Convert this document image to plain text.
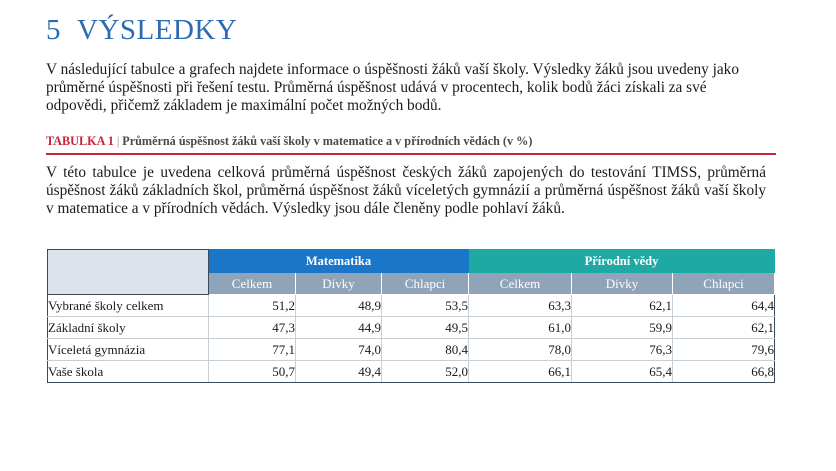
5 VÝSLEDKY
V následující tabulce a grafech najdete informace o úspěšnosti žáků vaší školy. Výsledky žáků jsou uvedeny jako průměrné úspěšnosti při řešení testu. Průměrná úspěšnost udává v procentech, kolik bodů žáci získali za své odpovědi, přičemž základem je maximální počet možných bodů.
TABULKA 1 | Průměrná úspěšnost žáků vaší školy v matematice a v přírodních vědách (v %)
V této tabulce je uvedena celková průměrná úspěšnost českých žáků zapojených do testování TIMSS, průměrná úspěšnost žáků základních škol, průměrná úspěšnost žáků víceletých gymnázií a průměrná úspěšnost žáků vaší školy v matematice a v přírodních vědách. Výsledky jsou dále členěny podle pohlaví žáků.
	Matematika			Přírodní vědy		
	Celkem	Dívky	Chlapci	Celkem	Dívky	Chlapci
Vybrané školy celkem	51,2	48,9	53,5	63,3	62,1	64,4
Základní školy	47,3	44,9	49,5	61,0	59,9	62,1
Víceletá gymnázia	77,1	74,0	80,4	78,0	76,3	79,6
Vaše škola	50,7	49,4	52,0	66,1	65,4	66,8
